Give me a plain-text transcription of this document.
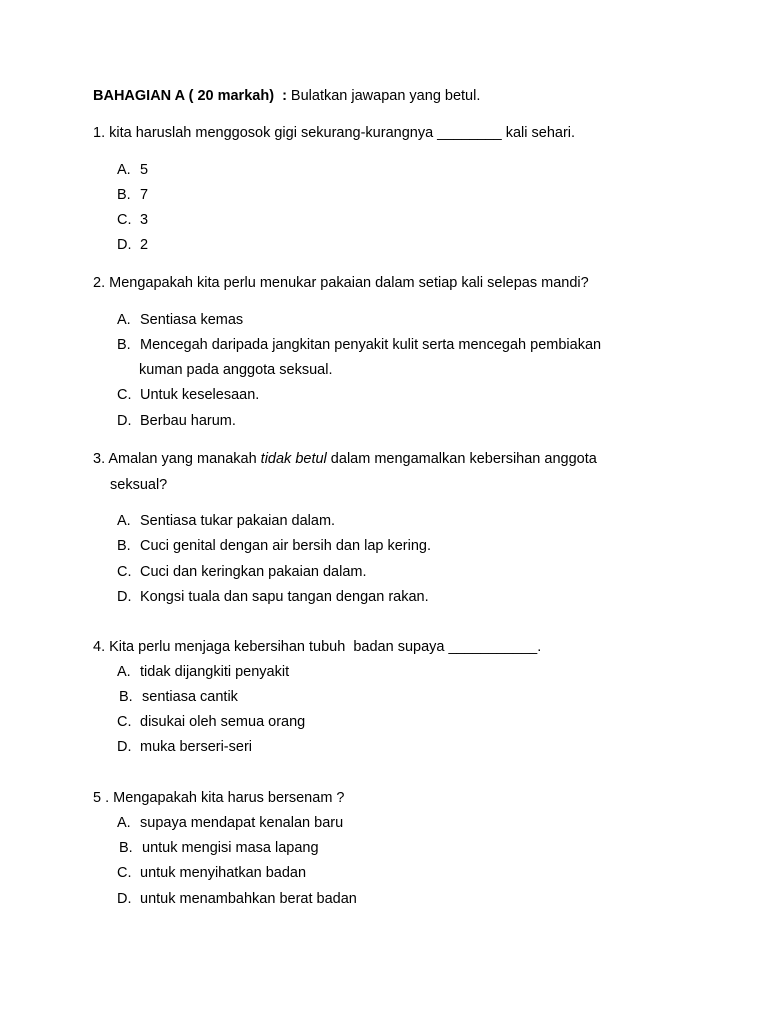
BAHAGIAN A ( 20 markah)  : Bulatkan jawapan yang betul.
1. kita haruslah menggosok gigi sekurang-kurangnya ________ kali sehari.
A. 5
B. 7
C. 3
D. 2
2. Mengapakah kita perlu menukar pakaian dalam setiap kali selepas mandi?
A. Sentiasa kemas
B. Mencegah daripada jangkitan penyakit kulit serta mencegah pembiakan
kuman pada anggota seksual.
C. Untuk keselesaan.
D. Berbau harum.
3. Amalan yang manakah tidak betul dalam mengamalkan kebersihan anggota
seksual?
A. Sentiasa tukar pakaian dalam.
B. Cuci genital dengan air bersih dan lap kering.
C. Cuci dan keringkan pakaian dalam.
D. Kongsi tuala dan sapu tangan dengan rakan.
4. Kita perlu menjaga kebersihan tubuh  badan supaya ___________.
A. tidak dijangkiti penyakit
B. sentiasa cantik
C. disukai oleh semua orang
D. muka berseri-seri
5 . Mengapakah kita harus bersenam ?
A. supaya mendapat kenalan baru
B. untuk mengisi masa lapang
C. untuk menyihatkan badan
D. untuk menambahkan berat badan
